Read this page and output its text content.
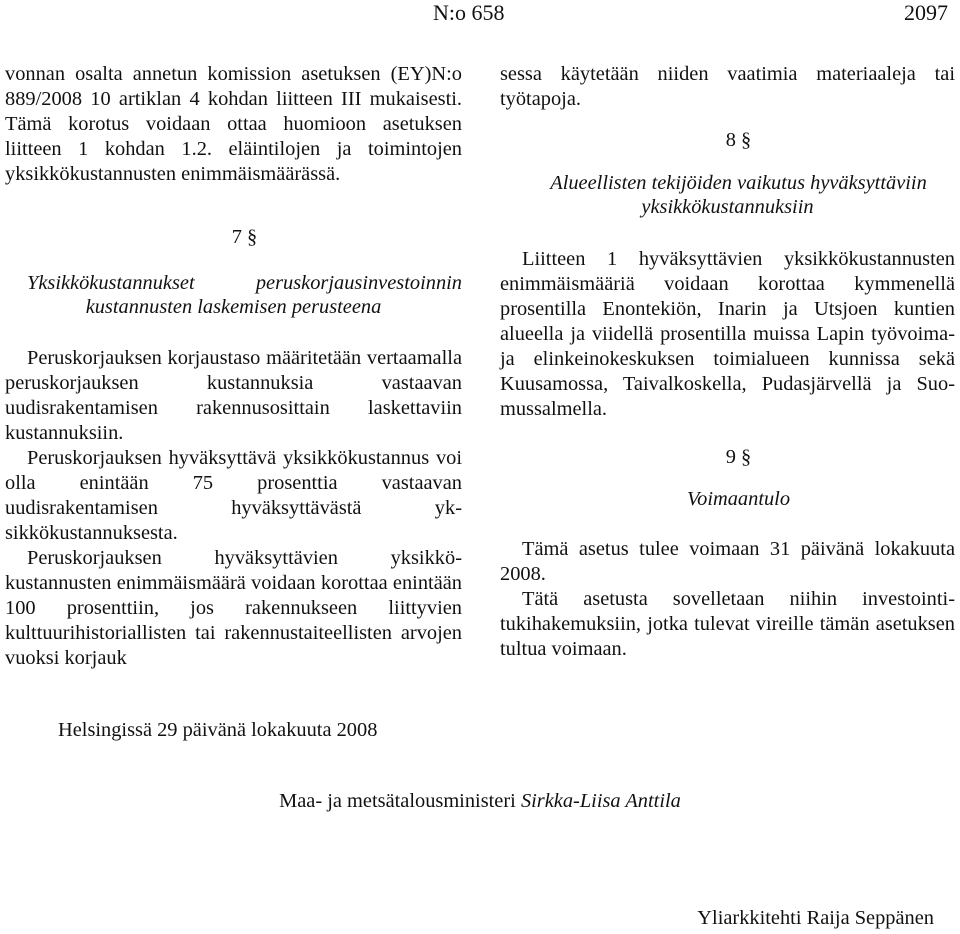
N:o 658	2097

vonnan osalta annetun komission asetuksen (EY)N:o 889/2008 10 artiklan 4 kohdan liitteen III mukaisesti. Tämä korotus voidaan ottaa huomioon asetuksen liitteen 1 kohdan 1.2. eläintilojen ja toimintojen yksikkökustannusten enimmäismäärässä.

7 §

Yksikkökustannukset peruskorjausinvestoinnin kustannusten laskemisen perusteena

Peruskorjauksen korjaustaso määritetään vertaamalla peruskorjauksen kustannuksia vastaavan uudisrakentamisen rakennusosittain laskettaviin kustannuksiin.

Peruskorjauksen hyväksyttävä yksikkökustannus voi olla enintään 75 prosenttia vastaavan uudisrakentamisen hyväksyttävästä yksikkökustannuksesta.

Peruskorjauksen hyväksyttävien yksikkökustannusten enimmäismäärä voidaan korottaa enintään 100 prosenttiin, jos rakennukseen liittyvien kulttuurihistoriallisten tai rakennustaiteellisten arvojen vuoksi korjauk

sessa käytetään niiden vaatimia materiaaleja tai työtapoja.

8 §

Alueellisten tekijöiden vaikutus hyväksyttäviin yksikkökustannuksiin

Liitteen 1 hyväksyttävien yksikkökustannusten enimmäismääriä voidaan korottaa kymmenellä prosentilla Enontekiön, Inarin ja Utsjoen kuntien alueella ja viidellä prosentilla muissa Lapin työvoima- ja elinkeinokeskuksen toimialueen kunnissa sekä Kuusamossa, Taivalkoskella, Pudasjärvellä ja Suomussalmella.

9 §

Voimaantulo

Tämä asetus tulee voimaan 31 päivänä lokakuuta 2008.

Tätä asetusta sovelletaan niihin investointitukihakemuksiin, jotka tulevat vireille tämän asetuksen tultua voimaan.

Helsingissä 29 päivänä lokakuuta 2008
Maa- ja metsätalousministeri Sirkka-Liisa Anttila
Yliarkkitehti Raija Seppänen
